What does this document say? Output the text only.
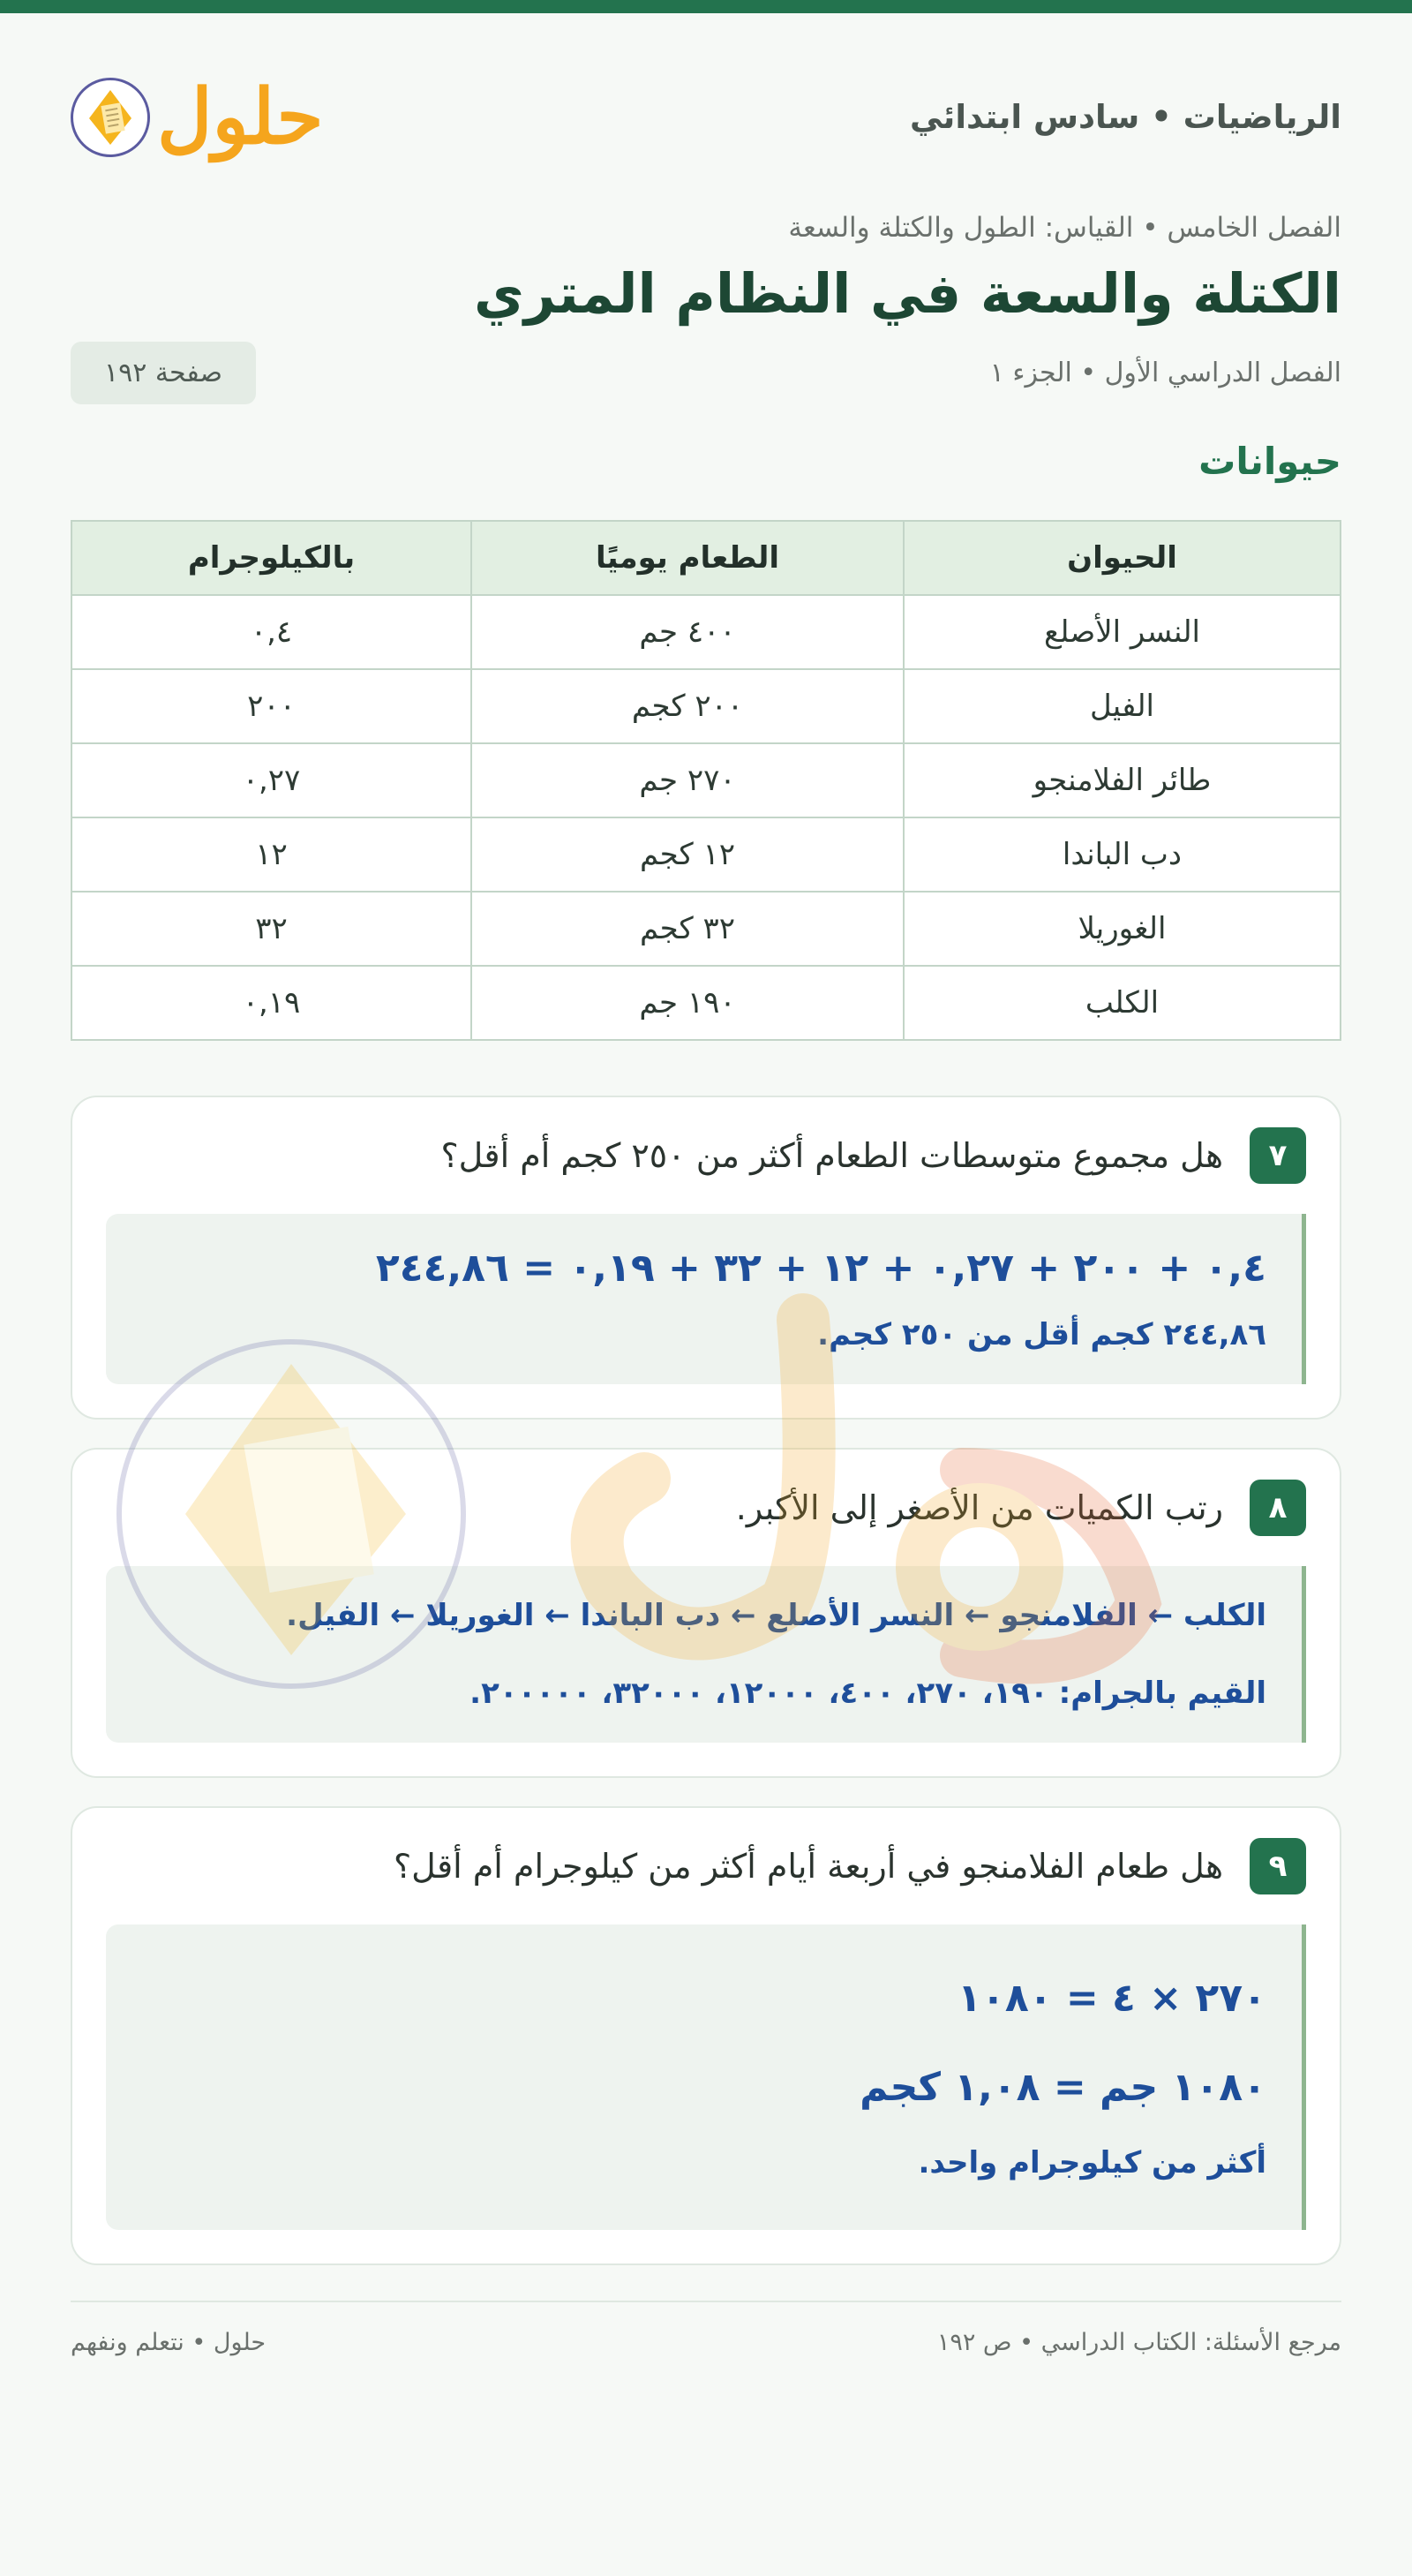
الرياضيات • سادس ابتدائي
حلول
الفصل الخامس • القياس: الطول والكتلة والسعة
الكتلة والسعة في النظام المتري
الفصل الدراسي الأول • الجزء ١
صفحة ١٩٢
حيوانات
الحيوان	الطعام يوميًا	بالكيلوجرام
النسر الأصلع	٤٠٠ جم	٠,٤
الفيل	٢٠٠ كجم	٢٠٠
طائر الفلامنجو	٢٧٠ جم	٠,٢٧
دب الباندا	١٢ كجم	١٢
الغوريلا	٣٢ كجم	٣٢
الكلب	١٩٠ جم	٠,١٩
٧
هل مجموع متوسطات الطعام أكثر من ٢٥٠ كجم أم أقل؟
٠,٤ + ٢٠٠ + ٠,٢٧ + ١٢ + ٣٢ + ٠,١٩ = ٢٤٤,٨٦
٢٤٤,٨٦ كجم أقل من ٢٥٠ كجم.
٨
رتب الكميات من الأصغر إلى الأكبر.
الكلب ← الفلامنجو ← النسر الأصلع ← دب الباندا ← الغوريلا ← الفيل.
القيم بالجرام: ١٩٠، ٢٧٠، ٤٠٠، ١٢٠٠٠، ٣٢٠٠٠، ٢٠٠٠٠٠.
٩
هل طعام الفلامنجو في أربعة أيام أكثر من كيلوجرام أم أقل؟
٢٧٠ × ٤ = ١٠٨٠
١٠٨٠ جم = ١,٠٨ كجم
أكثر من كيلوجرام واحد.
مرجع الأسئلة: الكتاب الدراسي • ص ١٩٢
حلول • نتعلم ونفهم
